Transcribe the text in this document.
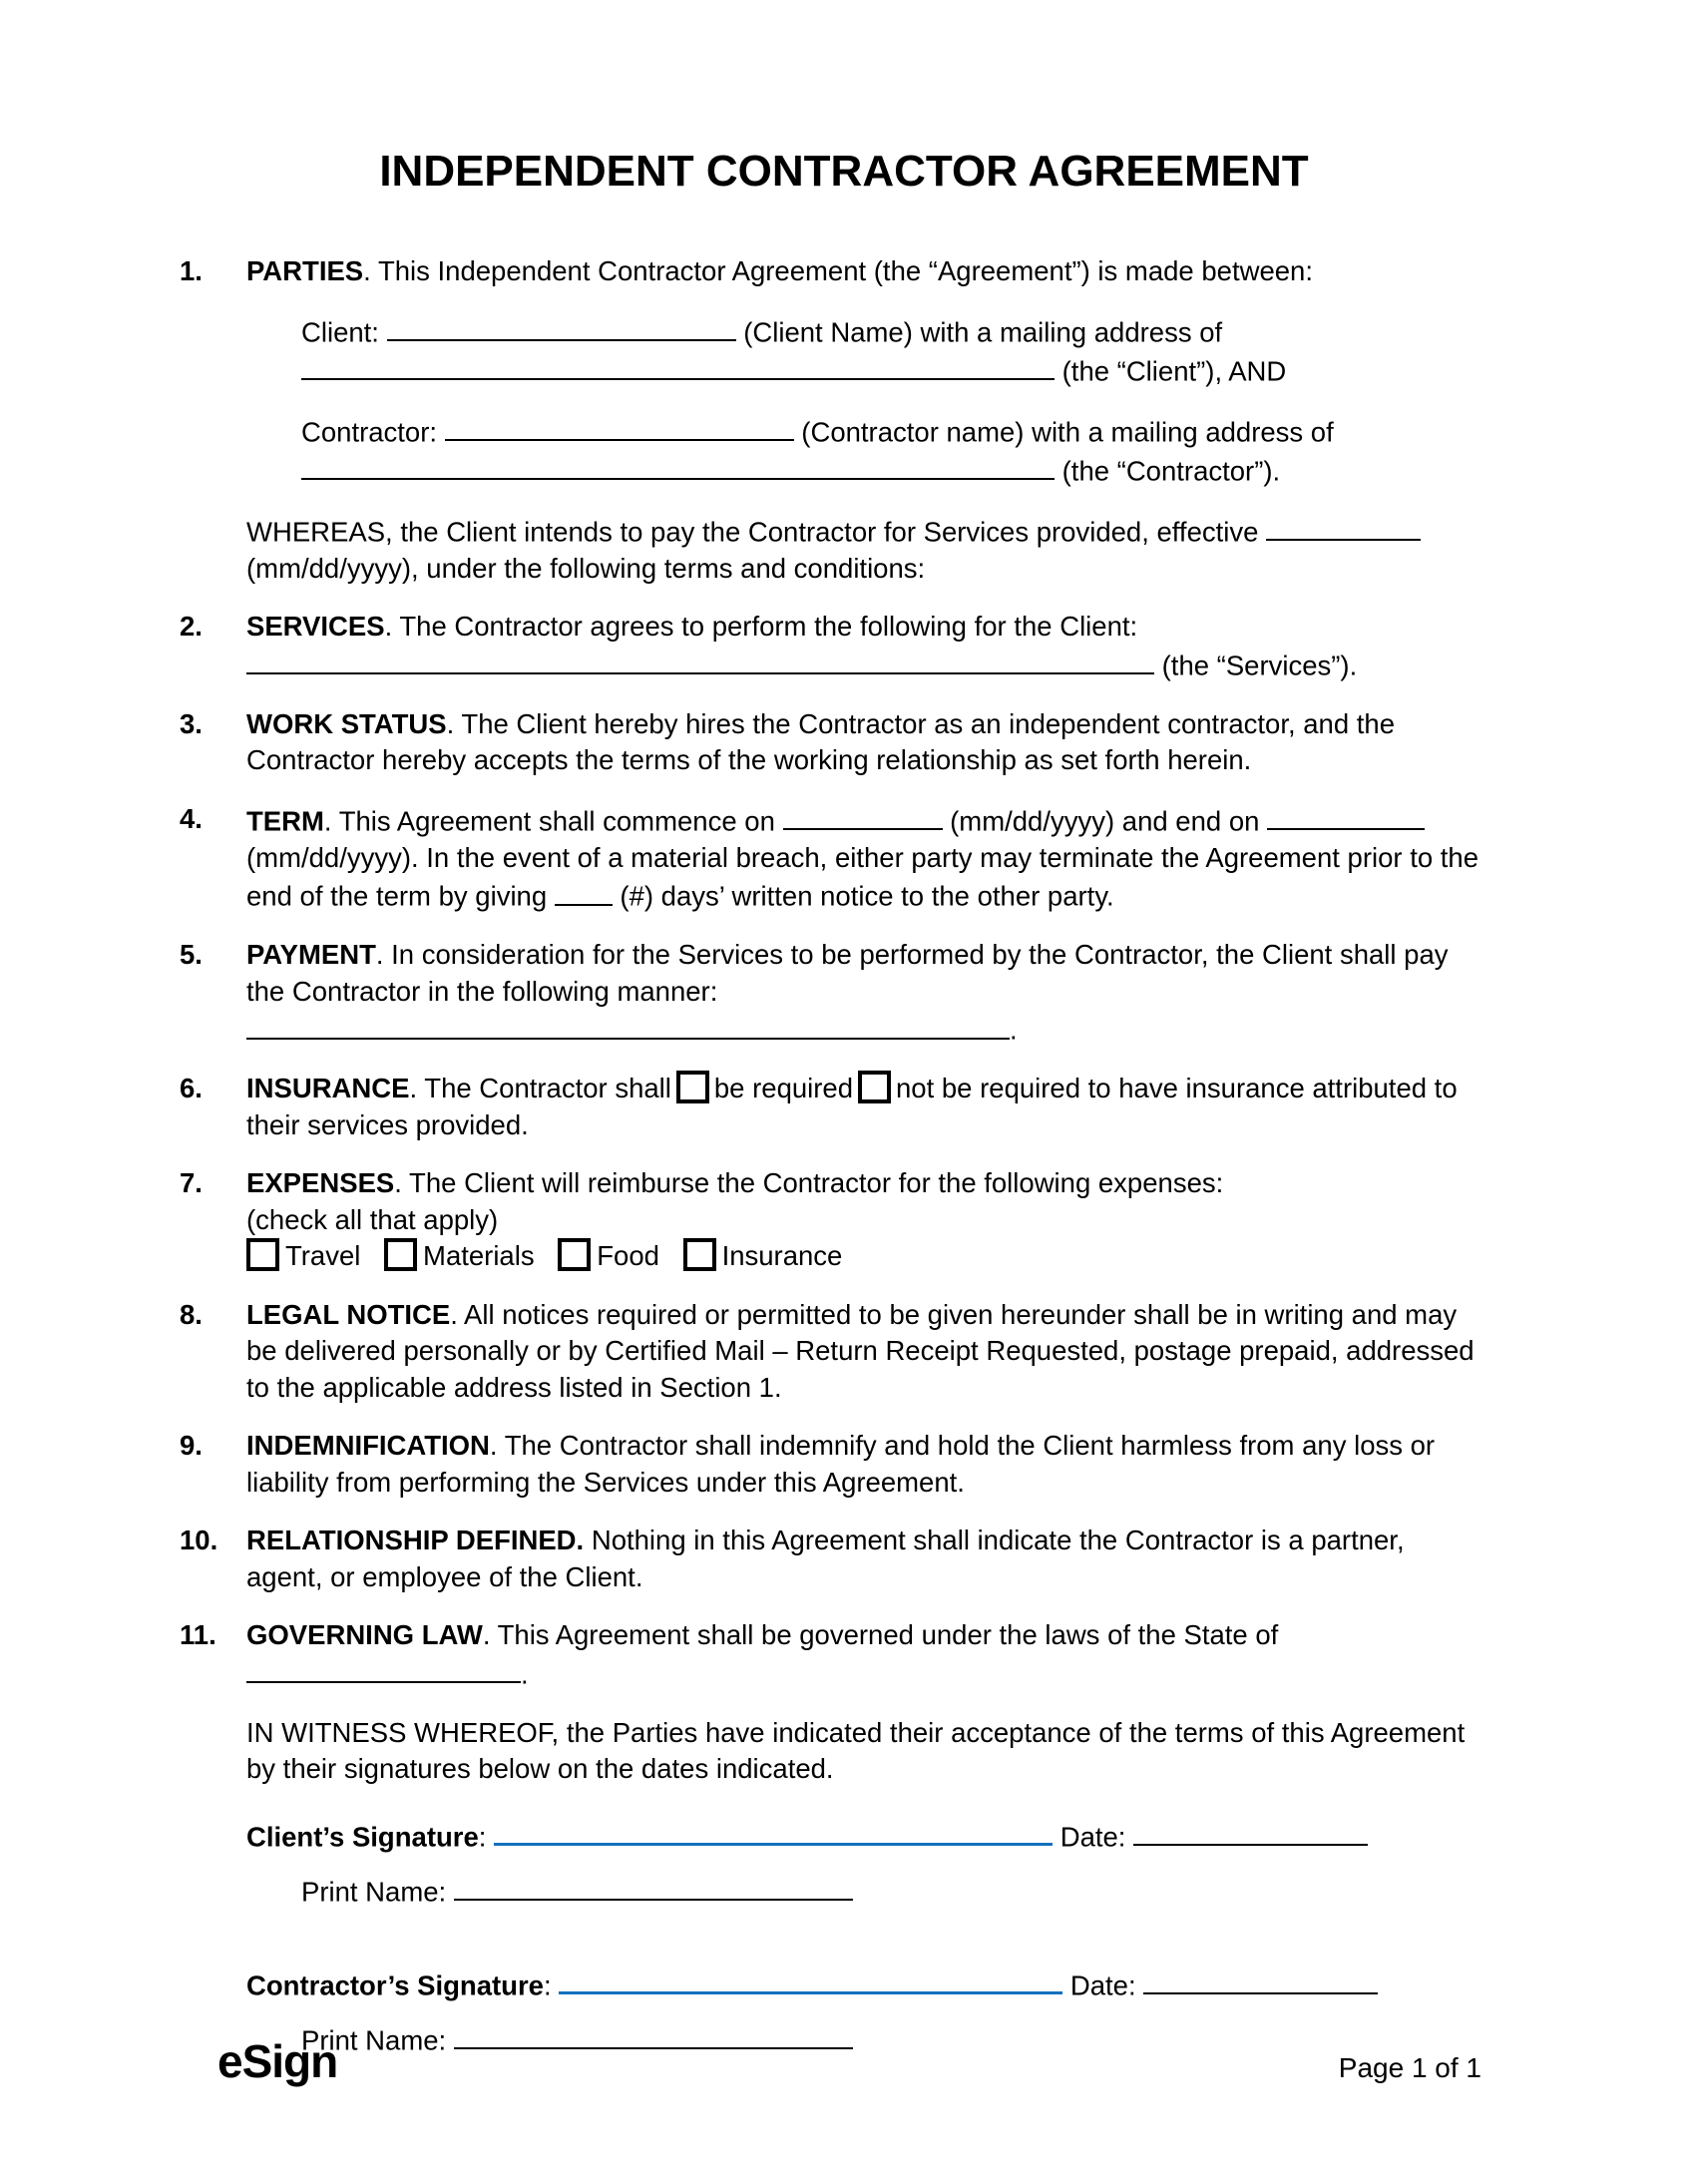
INDEPENDENT CONTRACTOR AGREEMENT
1.	PARTIES. This Independent Contractor Agreement (the “Agreement”) is made between:
Client:	(Client Name) with a mailing address of  (the “Client”), AND
Contractor:	(Contractor name) with a mailing address of  (the “Contractor”).
WHEREAS, the Client intends to pay the Contractor for Services provided, effective  (mm/dd/yyyy), under the following terms and conditions:
2.	SERVICES. The Contractor agrees to perform the following for the Client:  (the “Services”).
3.	WORK STATUS. The Client hereby hires the Contractor as an independent contractor, and the Contractor hereby accepts the terms of the working relationship as set forth herein.
4.	TERM. This Agreement shall commence on	(mm/dd/yyyy) and end on  (mm/dd/yyyy). In the event of a material breach, either party may terminate the Agreement prior to the end of the term by giving  (#) days’ written notice to the other party.
5.	PAYMENT. In consideration for the Services to be performed by the Contractor, the Client shall pay the Contractor in the following manner: .
6.	INSURANCE. The Contractor shall be required not be required to have insurance attributed to their services provided.
7.	EXPENSES. The Client will reimburse the Contractor for the following expenses:
(check all that apply)
Travel Materials Food Insurance
8.	LEGAL NOTICE. All notices required or permitted to be given hereunder shall be in writing and may be delivered personally or by Certified Mail – Return Receipt Requested, postage prepaid, addressed to the applicable address listed in Section 1.
9.	INDEMNIFICATION. The Contractor shall indemnify and hold the Client harmless from any loss or liability from performing the Services under this Agreement.
10.	RELATIONSHIP DEFINED. Nothing in this Agreement shall indicate the Contractor is a partner, agent, or employee of the Client.
11.	GOVERNING LAW. This Agreement shall be governed under the laws of the State of .
IN WITNESS WHEREOF, the Parties have indicated their acceptance of the terms of this Agreement by their signatures below on the dates indicated.
Client’s Signature:	Date:
Print Name:
Contractor’s Signature:	Date:
Print Name:
eSign	Page 1 of 1
